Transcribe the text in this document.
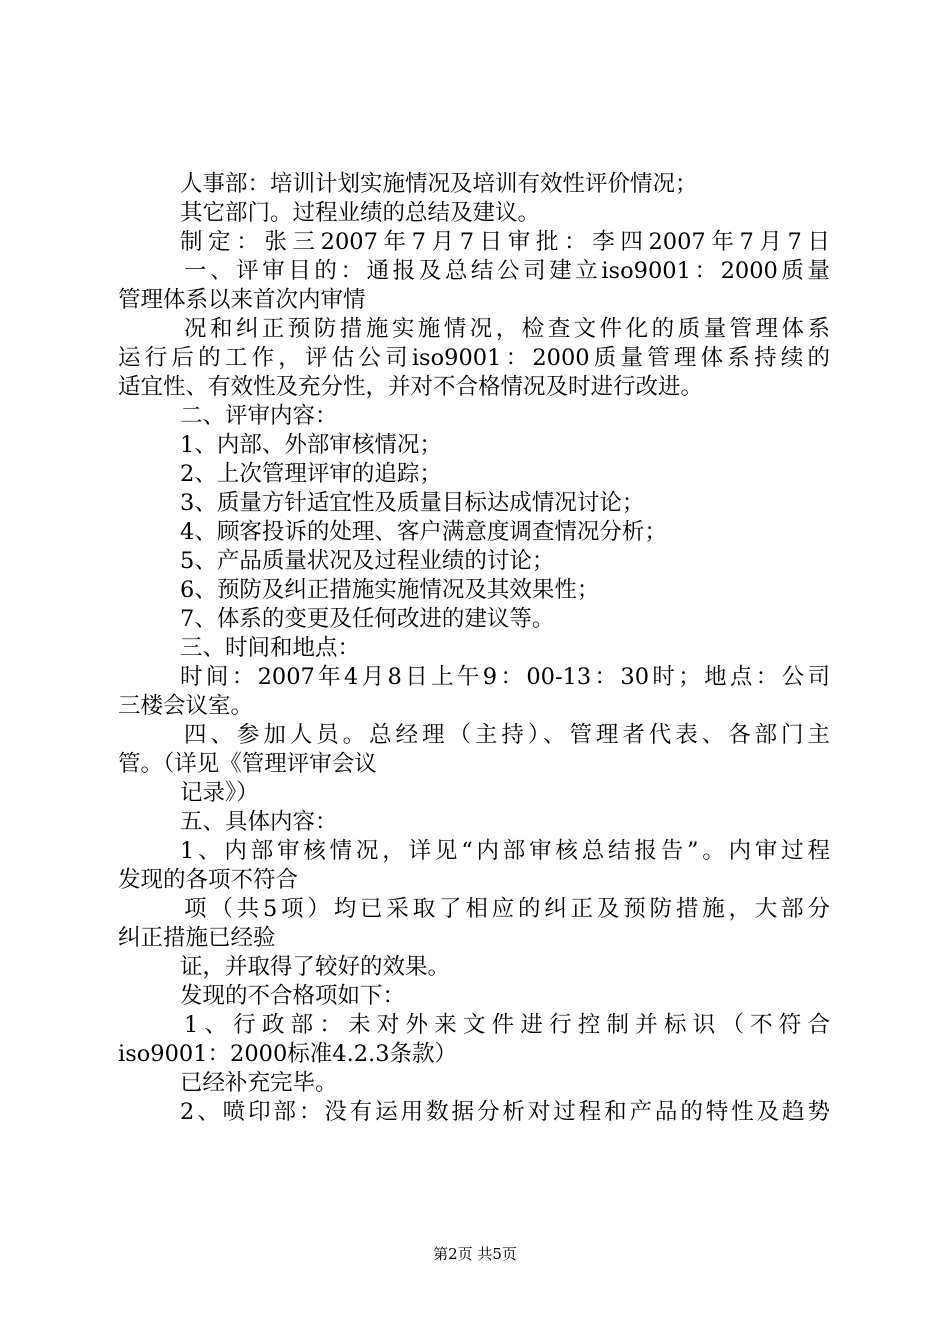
人事部：培训计划实施情况及培训有效性评价情况；
其它部门。过程业绩的总结及建议。
制定：张三2007年7月7日审批：李四2007年7月7日
一、评审目的：通报及总结公司建立iso9001：2000质量
管理体系以来首次内审情
况和纠正预防措施实施情况，检查文件化的质量管理体系
运行后的工作，评估公司iso9001：2000质量管理体系持续的
适宜性、有效性及充分性，并对不合格情况及时进行改进。
二、评审内容：
1、内部、外部审核情况；
2、上次管理评审的追踪；
3、质量方针适宜性及质量目标达成情况讨论；
4、顾客投诉的处理、客户满意度调查情况分析；
5、产品质量状况及过程业绩的讨论；
6、预防及纠正措施实施情况及其效果性；
7、体系的变更及任何改进的建议等。
三、时间和地点：
时间：2007年4月8日上午9：00-13：30时；地点：公司
三楼会议室。
四、参加人员。总经理（主持）、管理者代表、各部门主
管。（详见《管理评审会议
记录》）
五、具体内容：
1、内部审核情况，详见“内部审核总结报告”。内审过程
发现的各项不符合
项（共5项）均已采取了相应的纠正及预防措施，大部分
纠正措施已经验
证，并取得了较好的效果。
发现的不合格项如下：
1、行政部：未对外来文件进行控制并标识（不符合
iso9001：2000标准4.2.3条款）
已经补充完毕。
2、喷印部：没有运用数据分析对过程和产品的特性及趋势
第2页 共5页
